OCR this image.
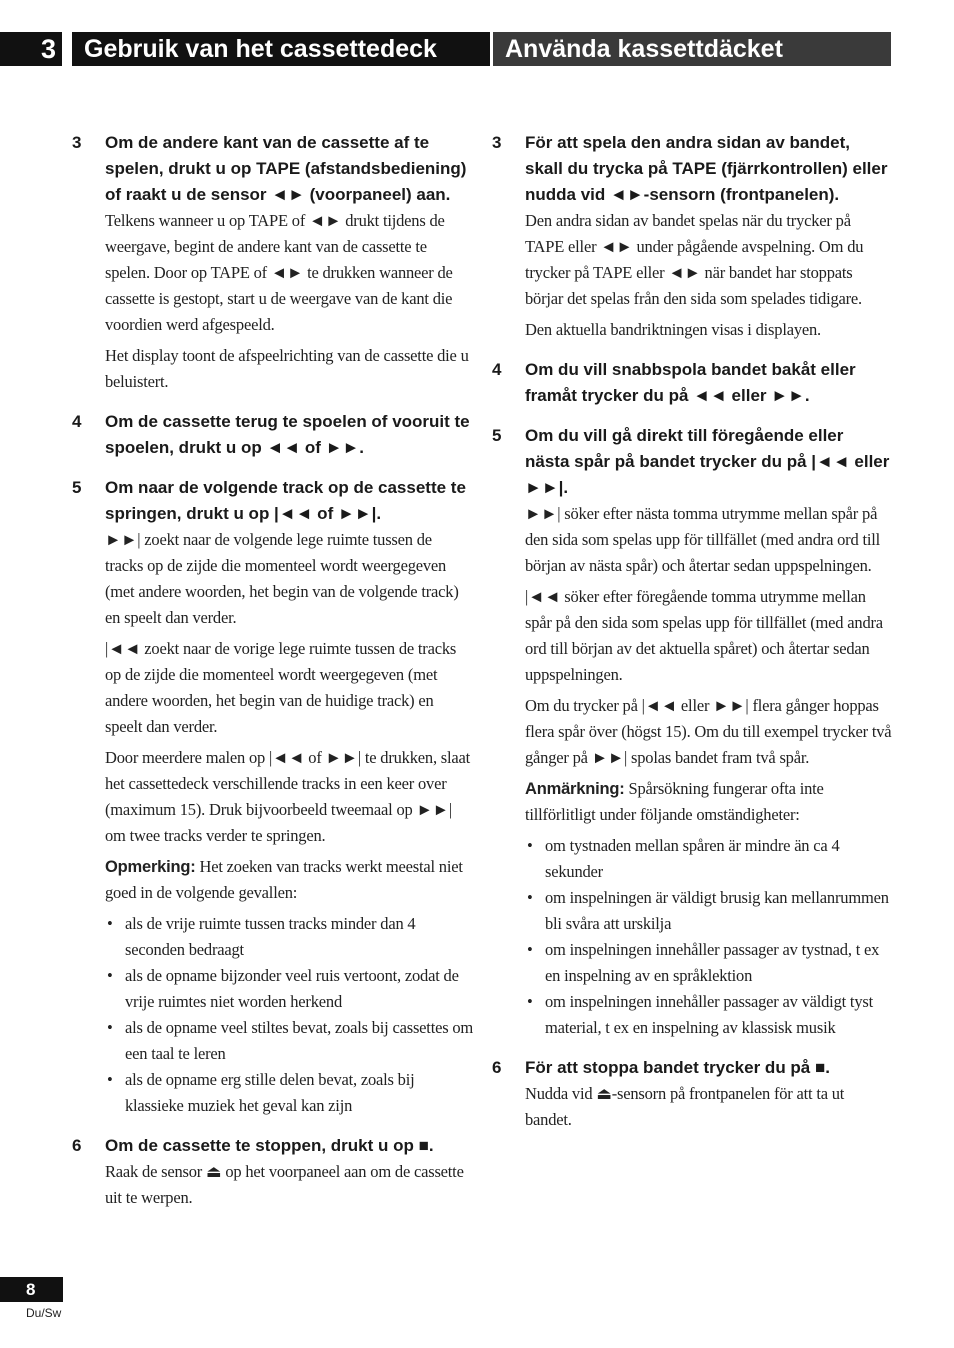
3	Gebruik van het cassettedeck	Använda kassettdäcket
3 Om de andere kant van de cassette af te spelen, drukt u op TAPE (afstandsbediening) of raakt u de sensor ◄► (voorpaneel) aan.

Telkens wanneer u op TAPE of ◄► drukt tijdens de weergave, begint de andere kant van de cassette te spelen. Door op TAPE of ◄► te drukken wanneer de cassette is gestopt, start u de weergave van de kant die voordien werd afgespeeld.

Het display toont de afspeelrichting van de cassette die u beluistert.

4 Om de cassette terug te spoelen of vooruit te spoelen, drukt u op ◄◄ of ►►.

5 Om naar de volgende track op de cassette te springen, drukt u op |◄◄ of ►►|.

►►| zoekt naar de volgende lege ruimte tussen de tracks op de zijde die momenteel wordt weergegeven (met andere woorden, het begin van de volgende track) en speelt dan verder.

|◄◄ zoekt naar de vorige lege ruimte tussen de tracks op de zijde die momenteel wordt weergegeven (met andere woorden, het begin van de huidige track) en speelt dan verder.

Door meerdere malen op |◄◄ of ►►| te drukken, slaat het cassettedeck verschillende tracks in een keer over (maximum 15). Druk bijvoorbeeld tweemaal op ►►| om twee tracks verder te springen.

Opmerking: Het zoeken van tracks werkt meestal niet goed in de volgende gevallen:

• als de vrije ruimte tussen tracks minder dan 4 seconden bedraagt
• als de opname bijzonder veel ruis vertoont, zodat de vrije ruimtes niet worden herkend
• als de opname veel stiltes bevat, zoals bij cassettes om een taal te leren
• als de opname erg stille delen bevat, zoals bij klassieke muziek het geval kan zijn
6 Om de cassette te stoppen, drukt u op ■.

Raak de sensor ⏏ op het voorpaneel aan om de cassette uit te werpen.

3 För att spela den andra sidan av bandet, skall du trycka på TAPE (fjärrkontrollen) eller nudda vid ◄►-sensorn (frontpanelen).

Den andra sidan av bandet spelas när du trycker på TAPE eller ◄► under pågående avspelning. Om du trycker på TAPE eller ◄► när bandet har stoppats börjar det spelas från den sida som spelades tidigare.

Den aktuella bandriktningen visas i displayen.

4 Om du vill snabbspola bandet bakåt eller framåt trycker du på ◄◄ eller ►►.

5 Om du vill gå direkt till föregående eller nästa spår på bandet trycker du på |◄◄ eller ►►|.

►►| söker efter nästa tomma utrymme mellan spår på den sida som spelas upp för tillfället (med andra ord till början av nästa spår) och återtar sedan uppspelningen.

|◄◄ söker efter föregående tomma utrymme mellan spår på den sida som spelas upp för tillfället (med andra ord till början av det aktuella spåret) och återtar sedan uppspelningen.

Om du trycker på |◄◄ eller ►►| flera gånger hoppas flera spår över (högst 15). Om du till exempel trycker två gånger på ►►| spolas bandet fram två spår.

Anmärkning: Spårsökning fungerar ofta inte tillförlitligt under följande omständigheter:

• om tystnaden mellan spåren är mindre än ca 4 sekunder
• om inspelningen är väldigt brusig kan mellanrummen bli svåra att urskilja
• om inspelningen innehåller passager av tystnad, t ex en inspelning av en språklektion
• om inspelningen innehåller passager av väldigt tyst material, t ex en inspelning av klassisk musik
6 För att stoppa bandet trycker du på ■.

Nudda vid ⏏-sensorn på frontpanelen för att ta ut bandet.

8
Du/Sw
